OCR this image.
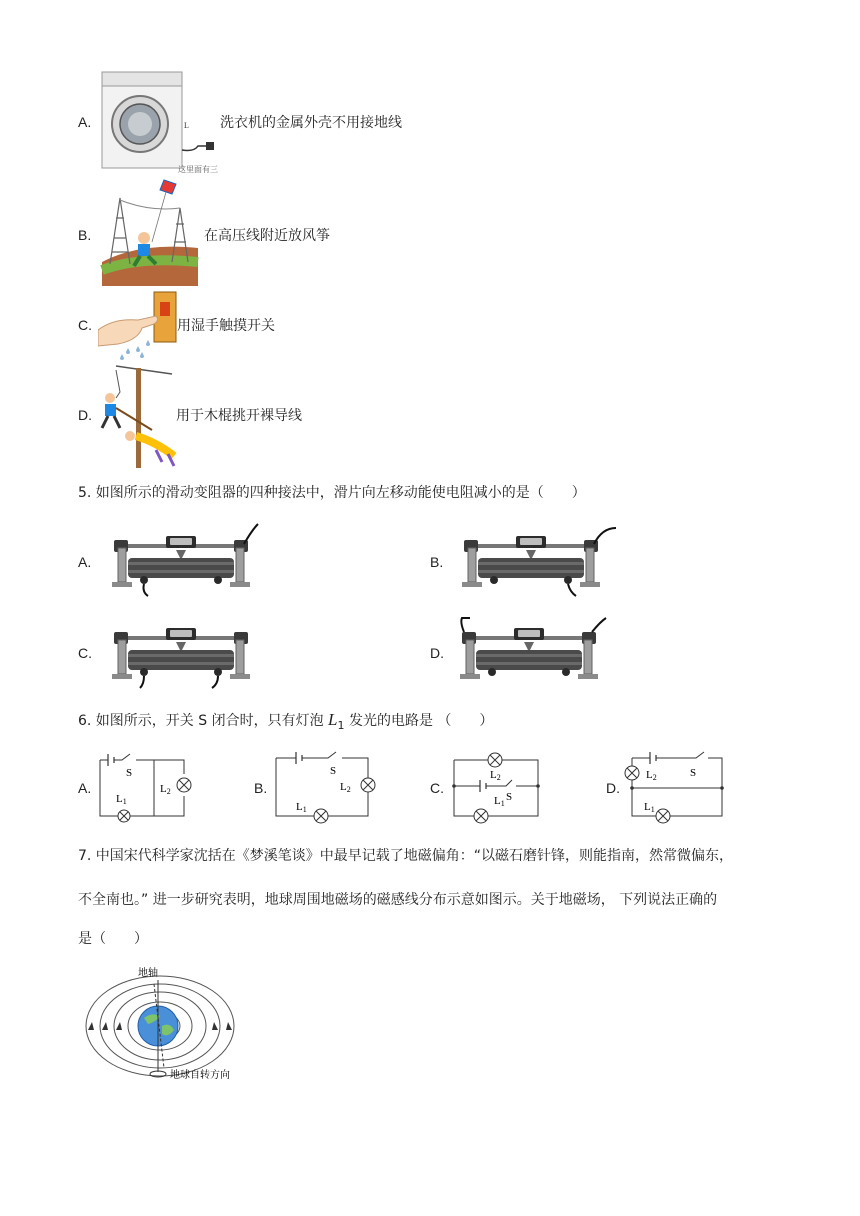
A.	L
这里面有三
洗衣机的金属外壳不用接地线
B.	在高压线附近放风筝
C.	用湿手触摸开关
D.	用于木棍挑开裸导线
5. 如图所示的滑动变阻器的四种接法中，滑片向左移动能使电阻减小的是（　　）
A.	B.
C.	D.
6. 如图所示，开关 S 闭合时，只有灯泡 $L_1$ 发光的电路是 （　　）
A.
S
L1
L2	B.
S
L2
L1
C.
L2
S
L1
D.
L2	S
L1
7. 中国宋代科学家沈括在《梦溪笔谈》中最早记载了地磁偏角：“以磁石磨针锋，则能指南，然常微偏东，
不全南也。” 进一步研究表明，地球周围地磁场的磁感线分布示意如图示。关于地磁场， 下列说法正确的
是（　　）
地轴
地球自转方向
